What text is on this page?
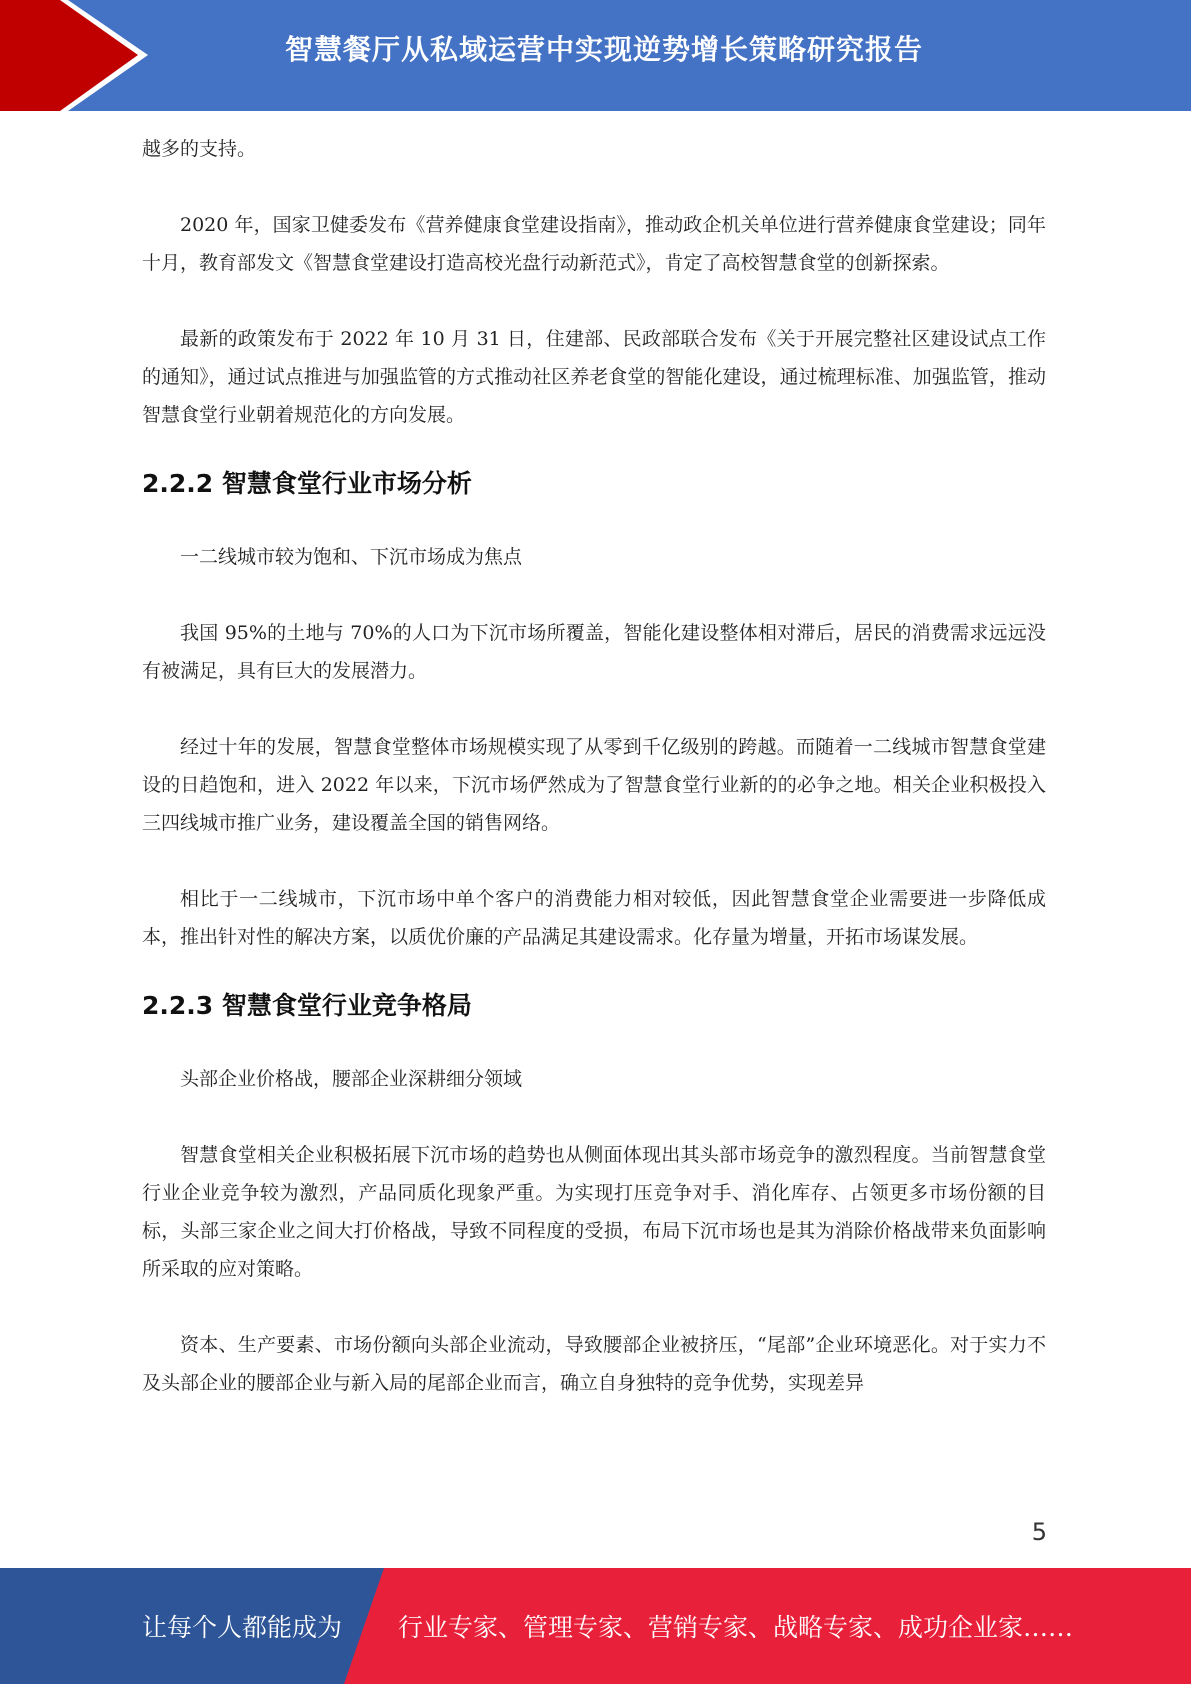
智慧餐厅从私域运营中实现逆势增长策略研究报告

越多的支持。

2020 年，国家卫健委发布《营养健康食堂建设指南》，推动政企机关单位进行营养健康食堂建设；同年十月，教育部发文《智慧食堂建设打造高校光盘行动新范式》，肯定了高校智慧食堂的创新探索。

最新的政策发布于 2022 年 10 月 31 日，住建部、民政部联合发布《关于开展完整社区建设试点工作的通知》，通过试点推进与加强监管的方式推动社区养老食堂的智能化建设，通过梳理标准、加强监管，推动智慧食堂行业朝着规范化的方向发展。

2.2.2 智慧食堂行业市场分析

一二线城市较为饱和、下沉市场成为焦点

我国 95%的土地与 70%的人口为下沉市场所覆盖，智能化建设整体相对滞后，居民的消费需求远远没有被满足，具有巨大的发展潜力。

经过十年的发展，智慧食堂整体市场规模实现了从零到千亿级别的跨越。而随着一二线城市智慧食堂建设的日趋饱和，进入 2022 年以来，下沉市场俨然成为了智慧食堂行业新的的必争之地。相关企业积极投入三四线城市推广业务，建设覆盖全国的销售网络。

相比于一二线城市，下沉市场中单个客户的消费能力相对较低，因此智慧食堂企业需要进一步降低成本，推出针对性的解决方案，以质优价廉的产品满足其建设需求。化存量为增量，开拓市场谋发展。

2.2.3 智慧食堂行业竞争格局

头部企业价格战，腰部企业深耕细分领域

智慧食堂相关企业积极拓展下沉市场的趋势也从侧面体现出其头部市场竞争的激烈程度。当前智慧食堂行业企业竞争较为激烈，产品同质化现象严重。为实现打压竞争对手、消化库存、占领更多市场份额的目标，头部三家企业之间大打价格战，导致不同程度的受损，布局下沉市场也是其为消除价格战带来负面影响所采取的应对策略。

资本、生产要素、市场份额向头部企业流动，导致腰部企业被挤压，“尾部”企业环境恶化。对于实力不及头部企业的腰部企业与新入局的尾部企业而言，确立自身独特的竞争优势，实现差异

5
让每个人都能成为 行业专家、管理专家、营销专家、战略专家、成功企业家……
